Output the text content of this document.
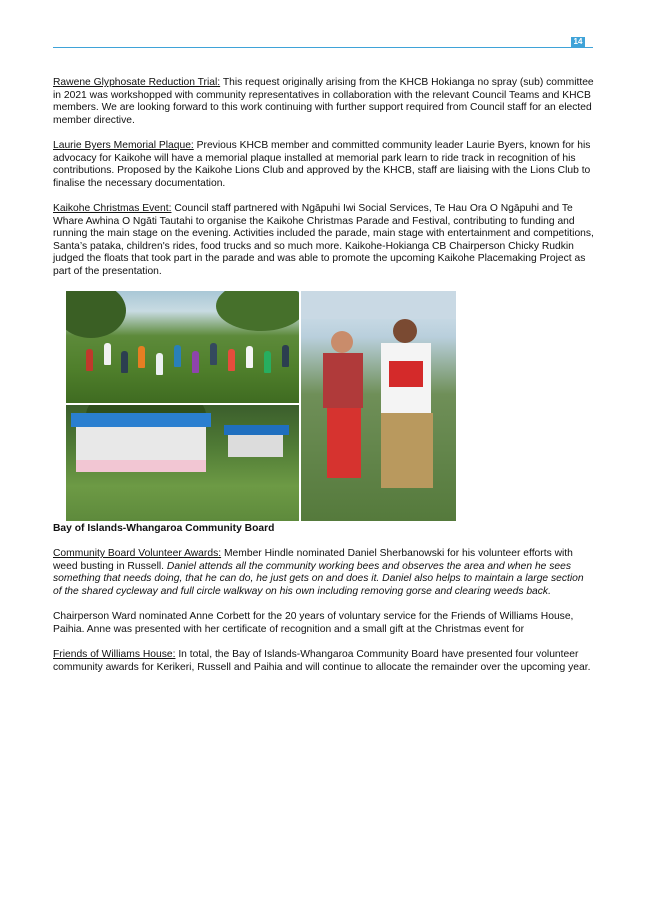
14

Rawene Glyphosate Reduction Trial: This request originally arising from the KHCB Hokianga no spray (sub) committee in 2021 was workshopped with community representatives in collaboration with the relevant Council Teams and KHCB members. We are looking forward to this work continuing with further support required from Council staff for an elected member directive.

Laurie Byers Memorial Plaque: Previous KHCB member and committed community leader Laurie Byers, known for his advocacy for Kaikohe will have a memorial plaque installed at memorial park learn to ride track in recognition of his contributions. Proposed by the Kaikohe Lions Club and approved by the KHCB, staff are liaising with the Lions Club to finalise the necessary documentation.

Kaikohe Christmas Event: Council staff partnered with Ngāpuhi Iwi Social Services, Te Hau Ora O Ngāpuhi and Te Whare Awhina O Ngāti Tautahi to organise the Kaikohe Christmas Parade and Festival, contributing to funding and running the main stage on the evening. Activities included the parade, main stage with entertainment and competitions, Santa’s pataka, children's rides, food trucks and so much more. Kaikohe-Hokianga CB Chairperson Chicky Rudkin judged the floats that took part in the parade and was able to promote the upcoming Kaikohe Placemaking Project as part of the presentation.

Bay of Islands-Whangaroa Community Board

Community Board Volunteer Awards: Member Hindle nominated Daniel Sherbanowski for his volunteer efforts with weed busting in Russell. Daniel attends all the community working bees and observes the area and when he sees something that needs doing, that he can do, he just gets on and does it. Daniel also helps to maintain a large section of the shared cycleway and full circle walkway on his own including removing gorse and clearing weeds back.

Chairperson Ward nominated Anne Corbett for the 20 years of voluntary service for the Friends of Williams House, Paihia. Anne was presented with her certificate of recognition and a small gift at the Christmas event for

Friends of Williams House: In total, the Bay of Islands-Whangaroa Community Board have presented four volunteer community awards for Kerikeri, Russell and Paihia and will continue to allocate the remainder over the upcoming year.
